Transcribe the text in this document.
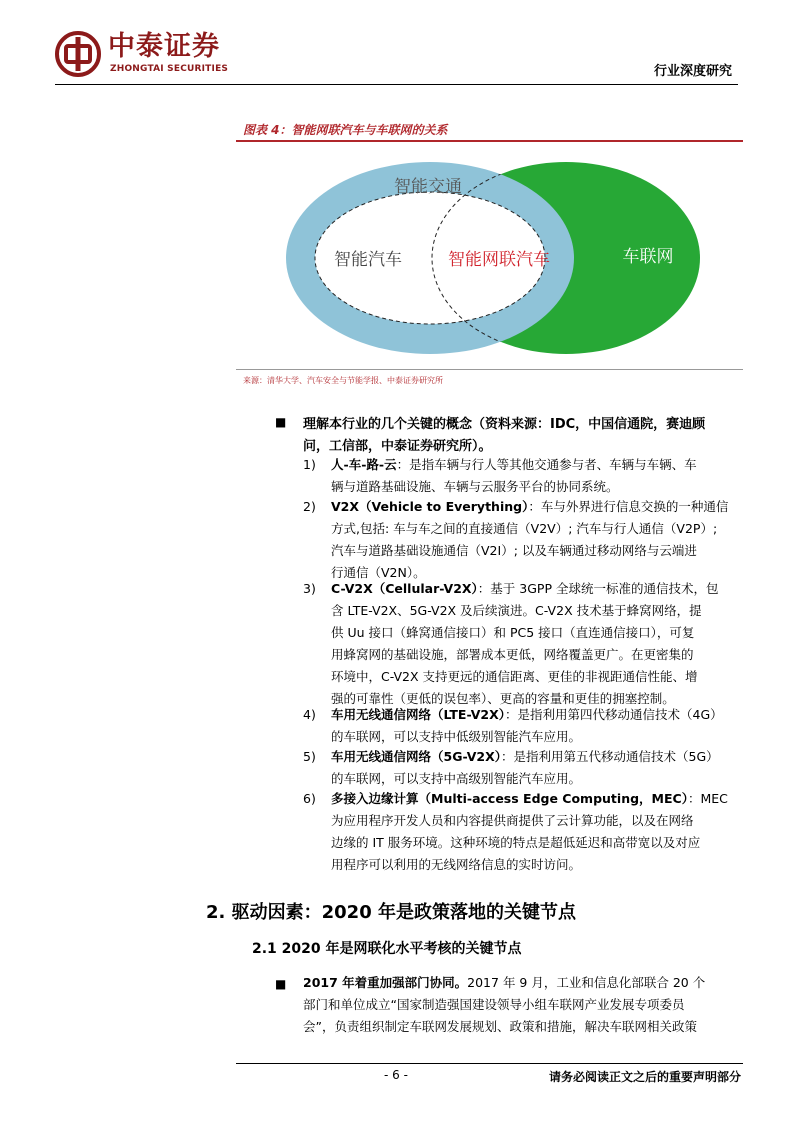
中泰证券
ZHONGTAI SECURITIES	行业深度研究
图表 4：智能网联汽车与车联网的关系
智能交通
智能汽车	智能网联汽车	车联网
来源：清华大学、汽车安全与节能学报、中泰证券研究所
■ 理解本行业的几个关键的概念（资料来源：IDC，中国信通院，赛迪顾
问，工信部，中泰证券研究所）。
1) 人-车-路-云：是指车辆与行人等其他交通参与者、车辆与车辆、车
辆与道路基础设施、车辆与云服务平台的协同系统。
2) V2X（Vehicle to Everything）：车与外界进行信息交换的一种通信
方式,包括: 车与车之间的直接通信（V2V）; 汽车与行人通信（V2P）;
汽车与道路基础设施通信（V2I）; 以及车辆通过移动网络与云端进
行通信（V2N）。
3) C-V2X（Cellular-V2X）：基于 3GPP 全球统一标准的通信技术，包
含 LTE-V2X、5G-V2X 及后续演进。C-V2X 技术基于蜂窝网络，提
供 Uu 接口（蜂窝通信接口）和 PC5 接口（直连通信接口），可复
用蜂窝网的基础设施，部署成本更低，网络覆盖更广。在更密集的
环境中，C-V2X 支持更远的通信距离、更佳的非视距通信性能、增
强的可靠性（更低的误包率）、更高的容量和更佳的拥塞控制。
4) 车用无线通信网络（LTE-V2X）：是指利用第四代移动通信技术（4G）
的车联网，可以支持中低级别智能汽车应用。
5) 车用无线通信网络（5G-V2X）：是指利用第五代移动通信技术（5G）
的车联网，可以支持中高级别智能汽车应用。
6) 多接入边缘计算（Multi-access Edge Computing，MEC）：MEC
为应用程序开发人员和内容提供商提供了云计算功能，以及在网络
边缘的 IT 服务环境。这种环境的特点是超低延迟和高带宽以及对应
用程序可以利用的无线网络信息的实时访问。
2. 驱动因素：2020 年是政策落地的关键节点
2.1 2020 年是网联化水平考核的关键节点
■ 2017 年着重加强部门协同。2017 年 9 月，工业和信息化部联合 20 个
部门和单位成立“国家制造强国建设领导小组车联网产业发展专项委员
会”，负责组织制定车联网发展规划、政策和措施，解决车联网相关政策
- 6 -	请务必阅读正文之后的重要声明部分
